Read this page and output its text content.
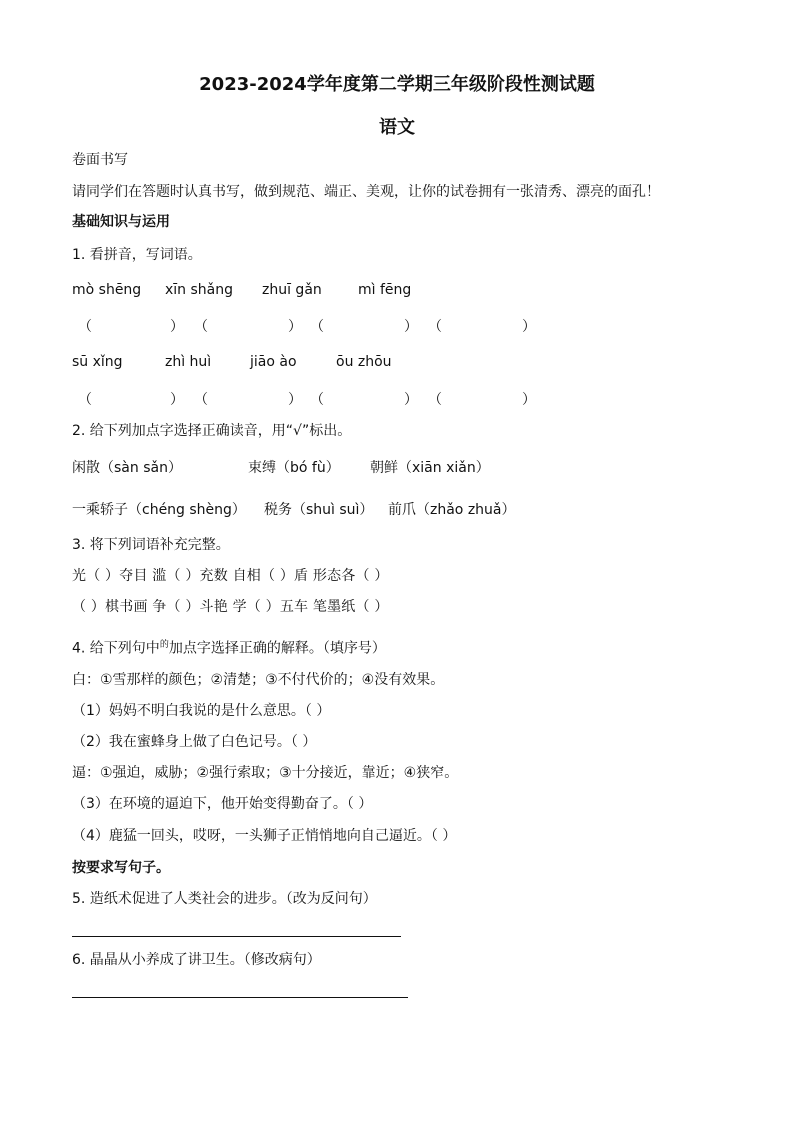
2023-2024学年度第二学期三年级阶段性测试题
语文
卷面书写
请同学们在答题时认真书写，做到规范、端正、美观，让你的试卷拥有一张清秀、漂亮的面孔！
基础知识与运用
1. 看拼音，写词语。
mò shēng xīn shǎng zhuī gǎn	mì fēng
（	） （	） （	） （	）
sū xǐng	zhì huì	jiāo ào	ōu zhōu
（	） （	） （	） （	）
2. 给下列加点字选择正确读音，用“√”标出。
闲散（sàn sǎn）	束缚（bó fù） 朝鲜（xiān xiǎn）
一乘轿子（chéng shèng） 税务（shuì suì） 前爪（zhǎo zhuǎ）
3. 将下列词语补充完整。
光（ ）夺目 滥（ ）充数 自相（ ）盾 形态各（ ）
（ ）棋书画 争（ ）斗艳 学（ ）五车 笔墨纸（ ）
4. 给下列句中$^的$加点字选择正确的解释。（填序号）
白：①雪那样的颜色；②清楚；③不付代价的；④没有效果。
（1）妈妈不明白我说的是什么意思。（ ）
（2）我在蜜蜂身上做了白色记号。（ ）
逼：①强迫，威胁；②强行索取；③十分接近，靠近；④狭窄。
（3）在环境的逼迫下，他开始变得勤奋了。（ ）
（4）鹿猛一回头，哎呀，一头狮子正悄悄地向自己逼近。（ ）
按要求写句子。
5. 造纸术促进了人类社会的进步。（改为反问句）
6. 晶晶从小养成了讲卫生。（修改病句）
